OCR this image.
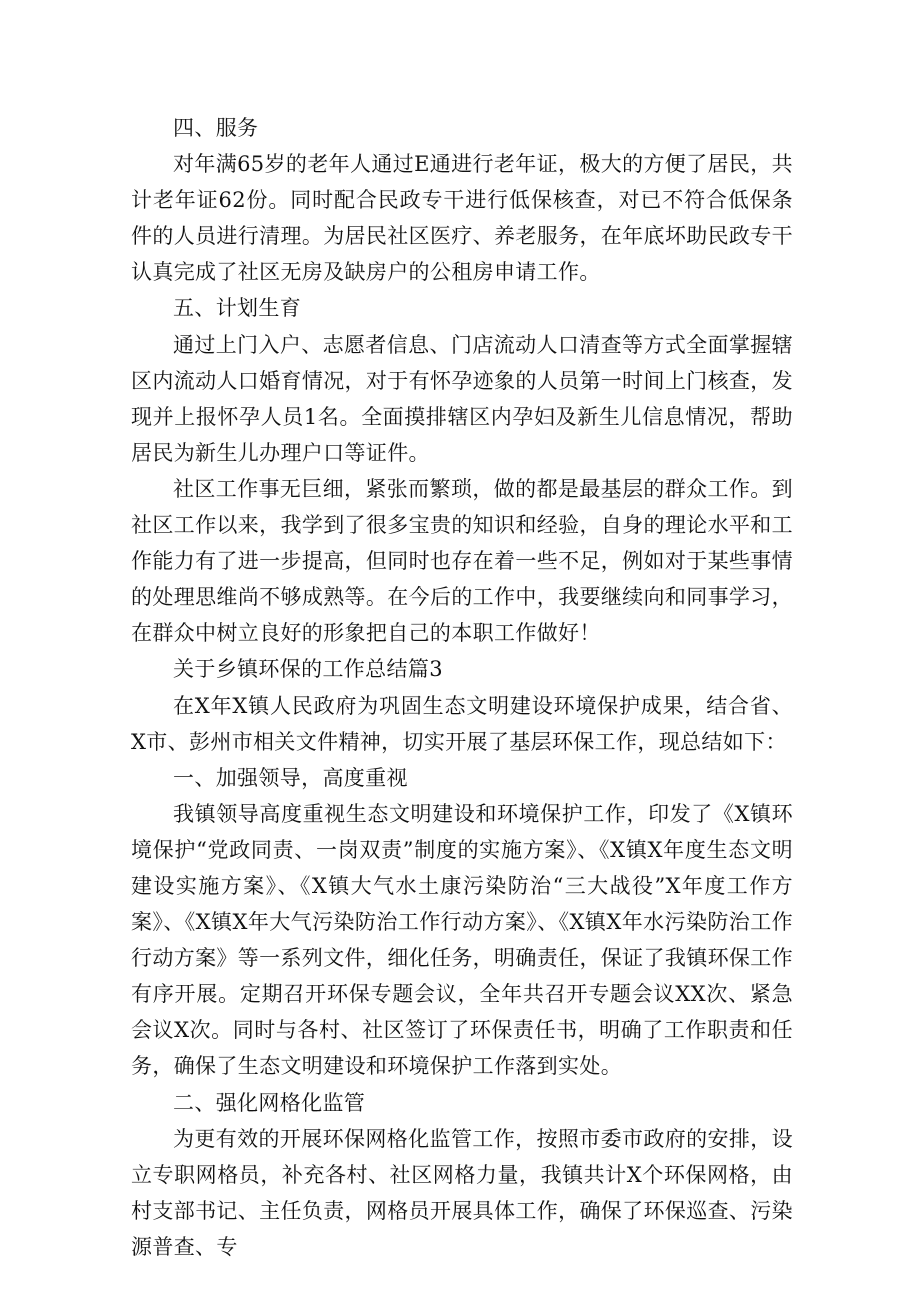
四、服务

对年满65岁的老年人通过E通进行老年证，极大的方便了居民，共计老年证62份。同时配合民政专干进行低保核查，对已不符合低保条件的人员进行清理。为居民社区医疗、养老服务，在年底坏助民政专干认真完成了社区无房及缺房户的公租房申请工作。

五、计划生育

通过上门入户、志愿者信息、门店流动人口清查等方式全面掌握辖区内流动人口婚育情况，对于有怀孕迹象的人员第一时间上门核查，发现并上报怀孕人员1名。全面摸排辖区内孕妇及新生儿信息情况，帮助居民为新生儿办理户口等证件。

社区工作事无巨细，紧张而繁琐，做的都是最基层的群众工作。到社区工作以来，我学到了很多宝贵的知识和经验，自身的理论水平和工作能力有了进一步提高，但同时也存在着一些不足，例如对于某些事情的处理思维尚不够成熟等。在今后的工作中，我要继续向和同事学习，在群众中树立良好的形象把自己的本职工作做好！

关于乡镇环保的工作总结篇3

在X年X镇人民政府为巩固生态文明建设环境保护成果，结合省、X市、彭州市相关文件精神，切实开展了基层环保工作，现总结如下：

一、加强领导，高度重视

我镇领导高度重视生态文明建设和环境保护工作，印发了《X镇环境保护“党政同责、一岗双责”制度的实施方案》、《X镇X年度生态文明建设实施方案》、《X镇大气水土康污染防治“三大战役”X年度工作方案》、《X镇X年大气污染防治工作行动方案》、《X镇X年水污染防治工作行动方案》等一系列文件，细化任务，明确责任，保证了我镇环保工作有序开展。定期召开环保专题会议，全年共召开专题会议XX次、紧急会议X次。同时与各村、社区签订了环保责任书，明确了工作职责和任务，确保了生态文明建设和环境保护工作落到实处。

二、强化网格化监管

为更有效的开展环保网格化监管工作，按照市委市政府的安排，设立专职网格员，补充各村、社区网格力量，我镇共计X个环保网格，由村支部书记、主任负责，网格员开展具体工作，确保了环保巡查、污染源普查、专
